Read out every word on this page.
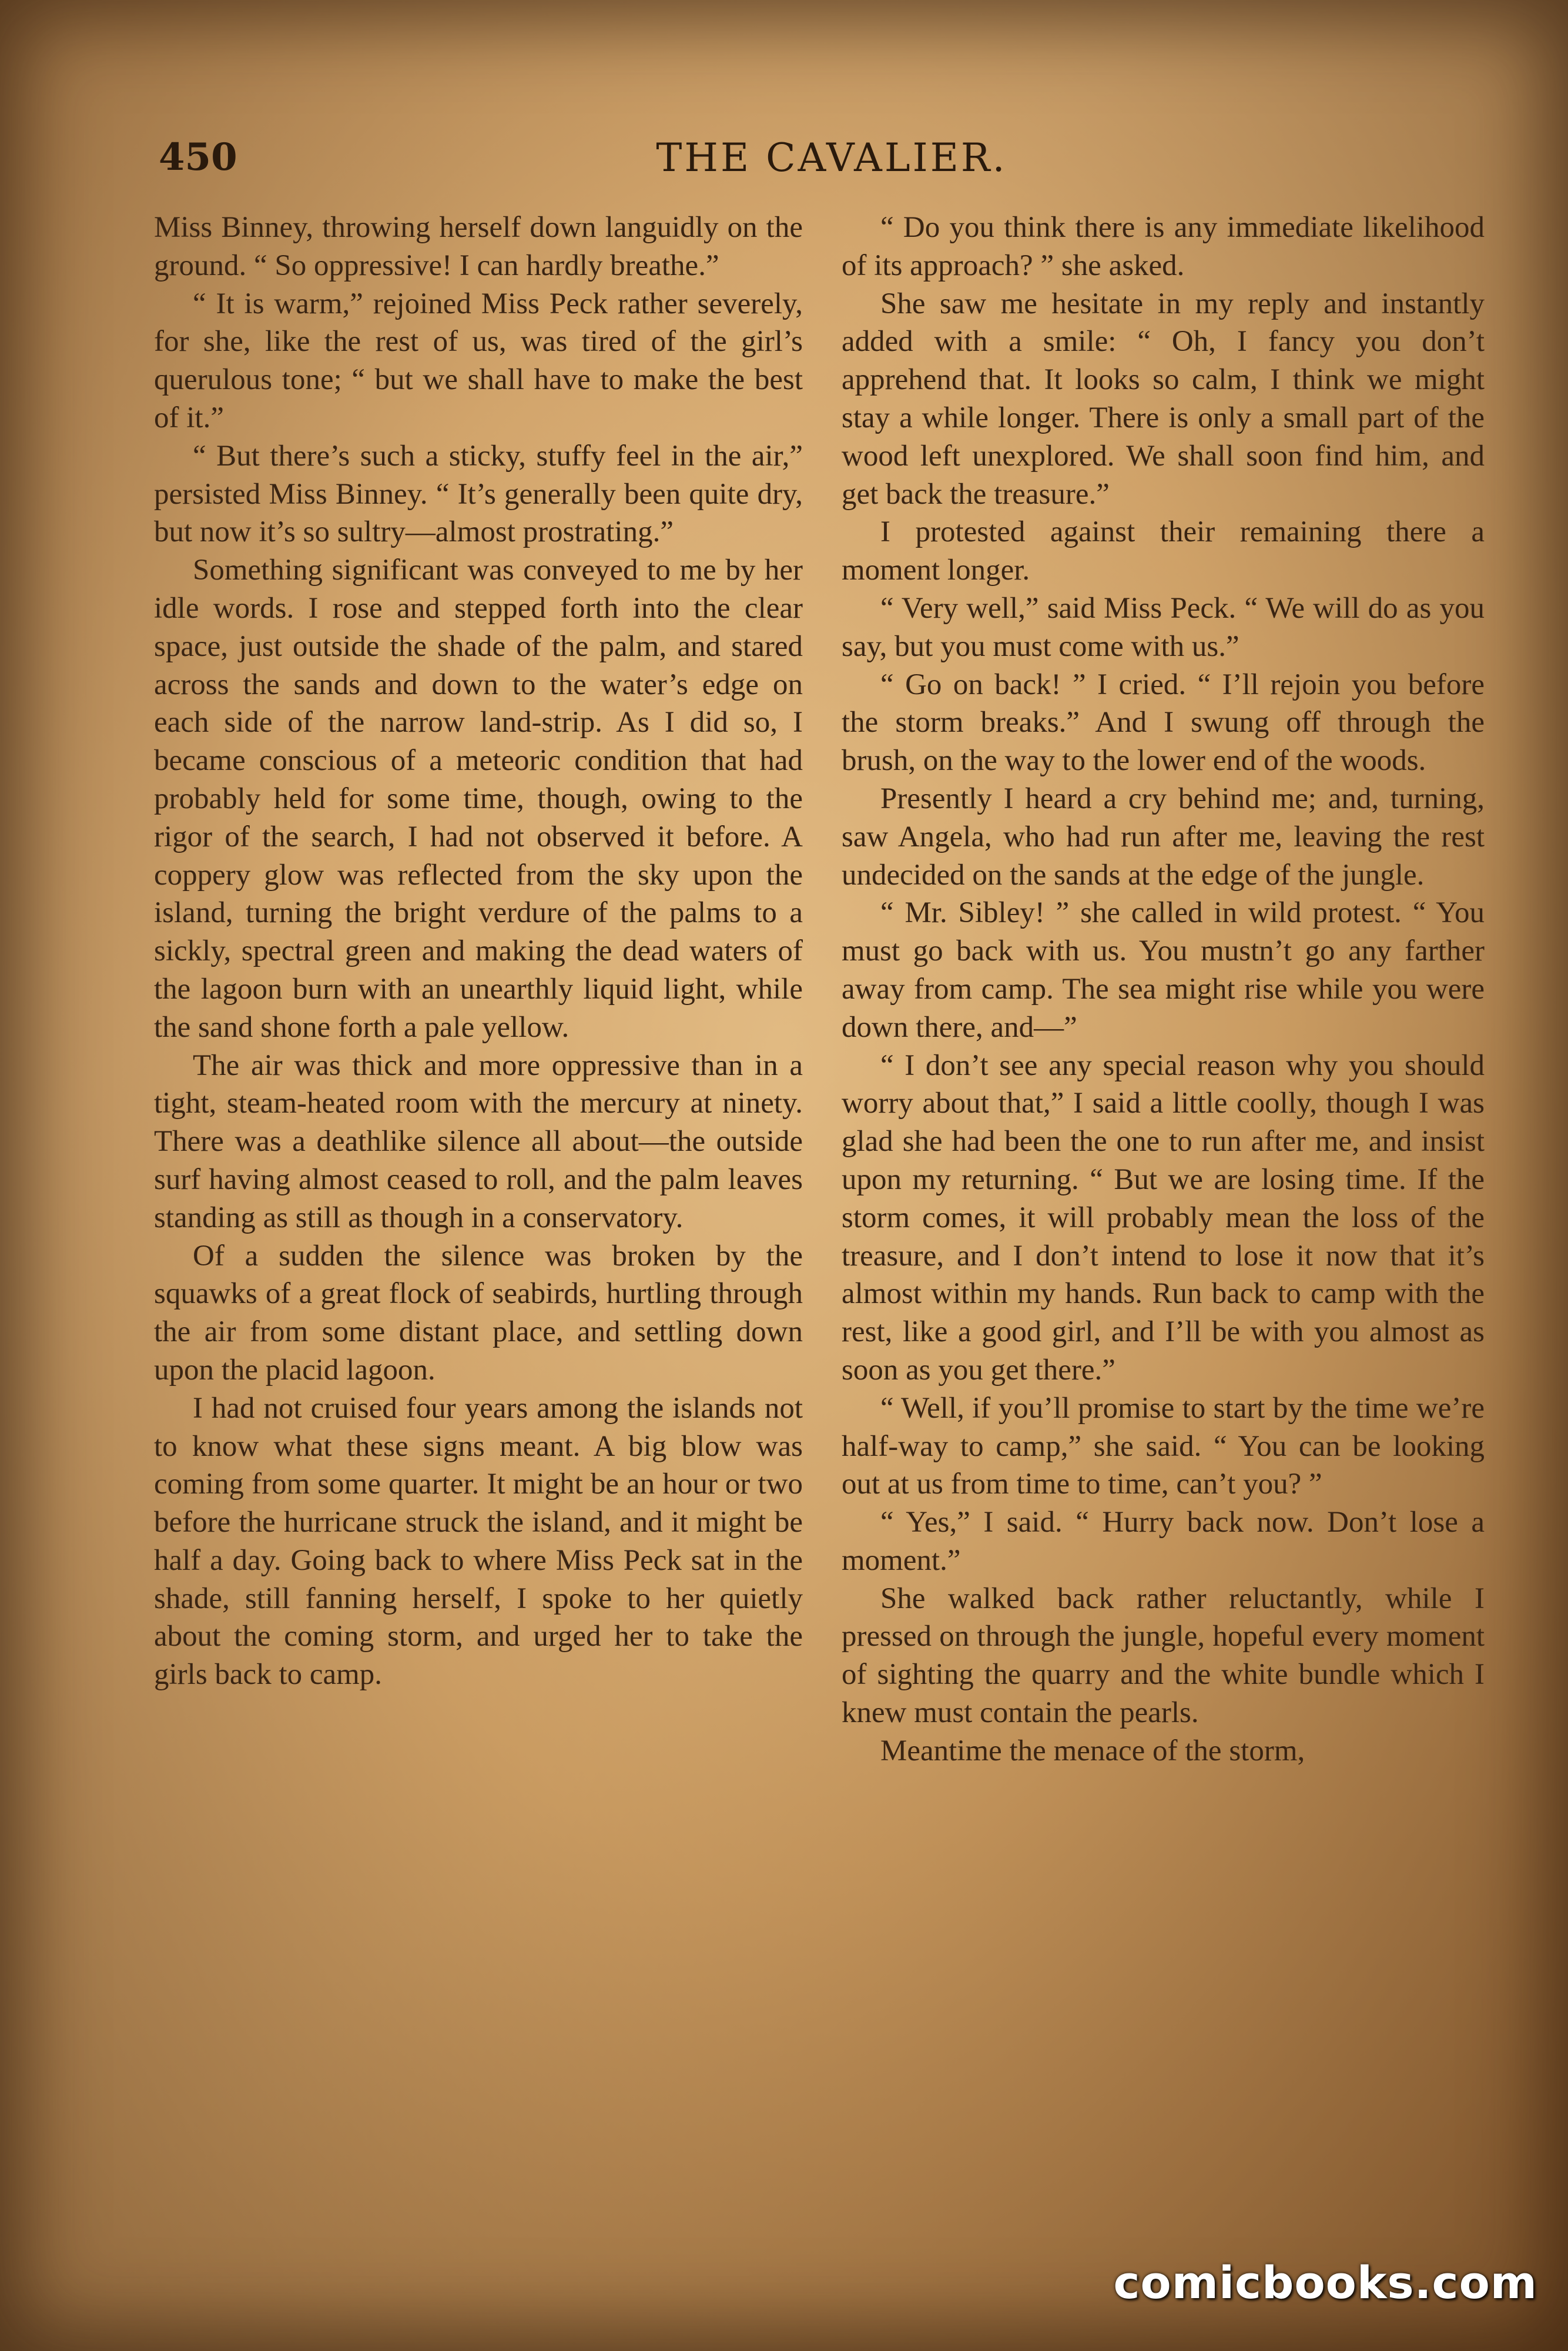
450	THE CAVALIER.

Miss Binney, throwing herself down languidly on the ground. “ So oppressive! I can hardly breathe.”

“ It is warm,” rejoined Miss Peck rather severely, for she, like the rest of us, was tired of the girl’s querulous tone; “ but we shall have to make the best of it.”

“ But there’s such a sticky, stuffy feel in the air,” persisted Miss Binney. “ It’s generally been quite dry, but now it’s so sultry—almost prostrating.”

Something significant was conveyed to me by her idle words. I rose and stepped forth into the clear space, just outside the shade of the palm, and stared across the sands and down to the water’s edge on each side of the narrow land-strip. As I did so, I became conscious of a meteoric condition that had probably held for some time, though, owing to the rigor of the search, I had not observed it before. A coppery glow was reflected from the sky upon the island, turning the bright verdure of the palms to a sickly, spectral green and making the dead waters of the lagoon burn with an unearthly liquid light, while the sand shone forth a pale yellow.

The air was thick and more oppressive than in a tight, steam-heated room with the mercury at ninety. There was a deathlike silence all about—the outside surf having almost ceased to roll, and the palm leaves standing as still as though in a conservatory.

Of a sudden the silence was broken by the squawks of a great flock of seabirds, hurtling through the air from some distant place, and settling down upon the placid lagoon.

I had not cruised four years among the islands not to know what these signs meant. A big blow was coming from some quarter. It might be an hour or two before the hurricane struck the island, and it might be half a day. Going back to where Miss Peck sat in the shade, still fanning herself, I spoke to her quietly about the coming storm, and urged her to take the girls back to camp.

“ Do you think there is any immediate likelihood of its approach? ” she asked.

She saw me hesitate in my reply and instantly added with a smile: “ Oh, I fancy you don’t apprehend that. It looks so calm, I think we might stay a while longer. There is only a small part of the wood left unexplored. We shall soon find him, and get back the treasure.”

I protested against their remaining there a moment longer.

“ Very well,” said Miss Peck. “ We will do as you say, but you must come with us.”

“ Go on back! ” I cried. “ I’ll rejoin you before the storm breaks.” And I swung off through the brush, on the way to the lower end of the woods.

Presently I heard a cry behind me; and, turning, saw Angela, who had run after me, leaving the rest undecided on the sands at the edge of the jungle.

“ Mr. Sibley! ” she called in wild protest. “ You must go back with us. You mustn’t go any farther away from camp. The sea might rise while you were down there, and—”

“ I don’t see any special reason why you should worry about that,” I said a little coolly, though I was glad she had been the one to run after me, and insist upon my returning. “ But we are losing time. If the storm comes, it will probably mean the loss of the treasure, and I don’t intend to lose it now that it’s almost within my hands. Run back to camp with the rest, like a good girl, and I’ll be with you almost as soon as you get there.”

“ Well, if you’ll promise to start by the time we’re half-way to camp,” she said. “ You can be looking out at us from time to time, can’t you? ”

“ Yes,” I said. “ Hurry back now. Don’t lose a moment.”

She walked back rather reluctantly, while I pressed on through the jungle, hopeful every moment of sighting the quarry and the white bundle which I knew must contain the pearls.

Meantime the menace of the storm,

comicbooks.com
